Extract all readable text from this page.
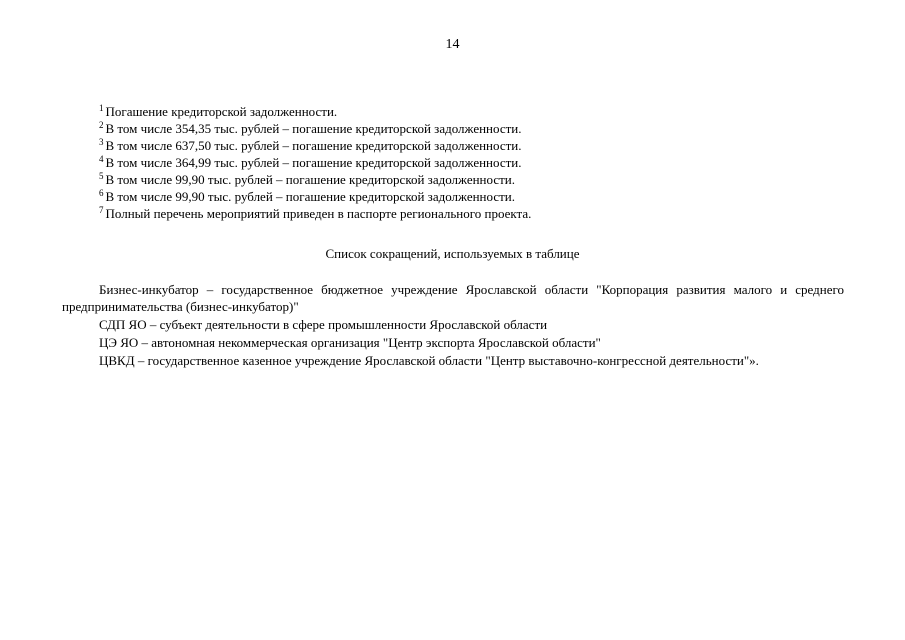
14
$^1$ Погашение кредиторской задолженности.
$^2$ В том числе 354,35 тыс. рублей – погашение кредиторской задолженности.
$^3$ В том числе 637,50 тыс. рублей – погашение кредиторской задолженности.
$^4$ В том числе 364,99 тыс. рублей – погашение кредиторской задолженности.
$^5$ В том числе 99,90 тыс. рублей – погашение кредиторской задолженности.
$^6$ В том числе 99,90 тыс. рублей – погашение кредиторской задолженности.
$^7$ Полный перечень мероприятий приведен в паспорте регионального проекта.
Список сокращений, используемых в таблице

Бизнес-инкубатор – государственное бюджетное учреждение Ярославской области "Корпорация развития малого и среднего предпринимательства (бизнес-инкубатор)"

СДП ЯО – субъект деятельности в сфере промышленности Ярославской области

ЦЭ ЯО – автономная некоммерческая организация "Центр экспорта Ярославской области"

ЦВКД – государственное казенное учреждение Ярославской области "Центр выставочно-конгрессной деятельности"».
